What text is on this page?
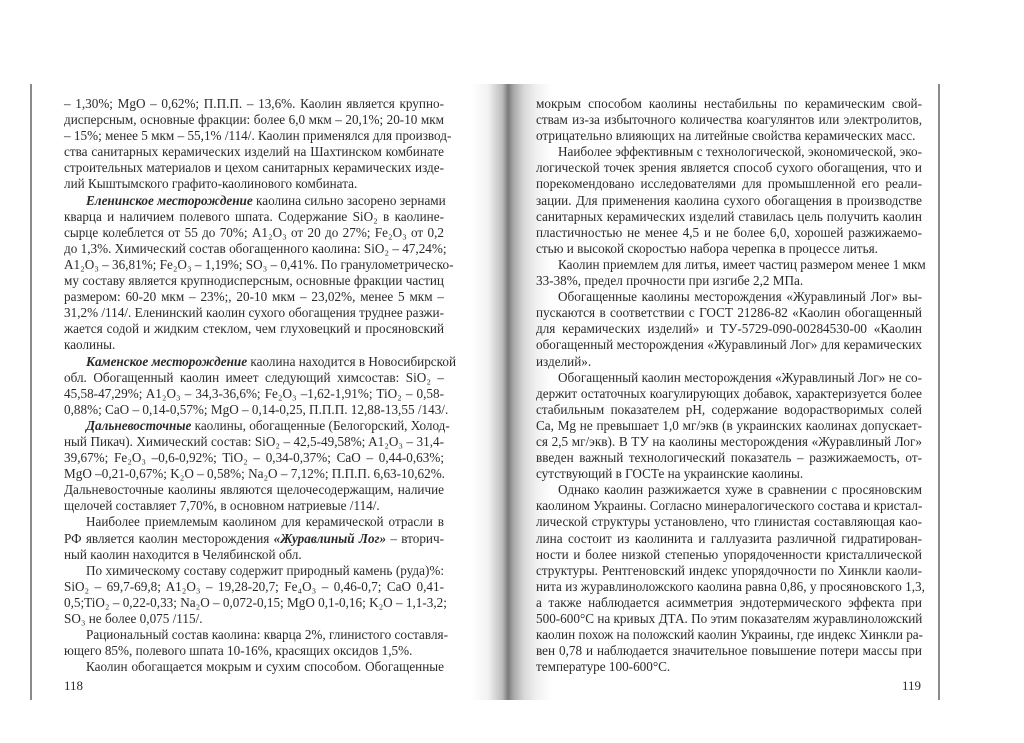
– 1,30%; MgO – 0,62%; П.П.П. – 13,6%. Каолин является крупно-
дисперсным, основные фракции: более 6,0 мкм – 20,1%; 20-10 мкм
– 15%; менее 5 мкм – 55,1% /114/. Каолин применялся для производ-
ства санитарных керамических изделий на Шахтинском комбинате
строительных материалов и цехом санитарных керамических изде-
лий Кыштымского графито-каолинового комбината.
Еленинское месторождение каолина сильно засорено зернами
кварца и наличием полевого шпата. Содержание SiO₂ в каолине-
сырце колеблется от 55 до 70%; A1₂O₃ от 20 до 27%; Fe₂O₃ от 0,2
до 1,3%. Химический состав обогащенного каолина: SiO₂ – 47,24%;
A1₂O₃ – 36,81%; Fe₂O₃ – 1,19%; SO₃ – 0,41%. По гранулометрическо-
му составу является крупнодисперсным, основные фракции частиц
размером: 60-20 мкм – 23%;, 20-10 мкм – 23,02%, менее 5 мкм –
31,2% /114/. Еленинский каолин сухого обогащения труднее разжи-
жается содой и жидким стеклом, чем глуховецкий и просяновский
каолины.
Каменское месторождение каолина находится в Новосибирской
обл. Обогащенный каолин имеет следующий химсостав: SiO₂ –
45,58-47,29%; A1₂O₃ – 34,3-36,6%; Fe₂O₃ –1,62-1,91%; TiO₂ – 0,58-
0,88%; CaO – 0,14-0,57%; MgO – 0,14-0,25, П.П.П. 12,88-13,55 /143/.
Дальневосточные каолины, обогащенные (Белогорский, Холод-
ный Пикач). Химический состав: SiO₂ – 42,5-49,58%; A1₂O₃ – 31,4-
39,67%; Fe₂O₃ –0,6-0,92%; TiO₂ – 0,34-0,37%; CaO – 0,44-0,63%;
MgO –0,21-0,67%; K₂O – 0,58%; Na₂O – 7,12%; П.П.П. 6,63-10,62%.
Дальневосточные каолины являются щелочесодержащим, наличие
щелочей составляет 7,70%, в основном натриевые /114/.
Наиболее приемлемым каолином для керамической отрасли в
РФ является каолин месторождения «Журавлиный Лог» – вторич-
ный каолин находится в Челябинской обл.
По химическому составу содержит природный камень (руда)%:
SiO₂ – 69,7-69,8; A1₂O₃ – 19,28-20,7; Fe₄O₃ – 0,46-0,7; CaO 0,41-
0,5;TiO₂ – 0,22-0,33; Na₂O – 0,072-0,15; MgO 0,1-0,16; K₂O – 1,1-3,2;
SO₃ не более 0,075 /115/.
Рациональный состав каолина: кварца 2%, глинистого составля-
ющего 85%, полевого шпата 10-16%, красящих оксидов 1,5%.
Каолин обогащается мокрым и сухим способом. Обогащенные
мокрым способом каолины нестабильны по керамическим свой-
ствам из-за избыточного количества коагулянтов или электролитов,
отрицательно влияющих на литейные свойства керамических масс.
Наиболее эффективным с технологической, экономической, эко-
логической точек зрения является способ сухого обогащения, что и
порекомендовано исследователями для промышленной его реали-
зации. Для применения каолина сухого обогащения в производстве
санитарных керамических изделий ставилась цель получить каолин
пластичностью не менее 4,5 и не более 6,0, хорошей разжижаемо-
стью и высокой скоростью набора черепка в процессе литья.
Каолин приемлем для литья, имеет частиц размером менее 1 мкм
33-38%, предел прочности при изгибе 2,2 МПа.
Обогащенные каолины месторождения «Журавлиный Лог» вы-
пускаются в соответствии с ГОСТ 21286-82 «Каолин обогащенный
для керамических изделий» и ТУ-5729-090-00284530-00 «Каолин
обогащенный месторождения «Журавлиный Лог» для керамических
изделий».
Обогащенный каолин месторождения «Журавлиный Лог» не со-
держит остаточных коагулирующих добавок, характеризуется более
стабильным показателем pH, содержание водорастворимых солей
Са, Mg не превышает 1,0 мг/экв (в украинских каолинах допускает-
ся 2,5 мг/экв). В ТУ на каолины месторождения «Журавлиный Лог»
введен важный технологический показатель – разжижаемость, от-
сутствующий в ГОСТе на украинские каолины.
Однако каолин разжижается хуже в сравнении с просяновским
каолином Украины. Согласно минералогического состава и кристал-
лической структуры установлено, что глинистая составляющая као-
лина состоит из каолинита и галлуазита различной гидратирован-
ности и более низкой степенью упорядоченности кристаллической
структуры. Рентгеновский индекс упорядочности по Хинкли каоли-
нита из журавлиноложского каолина равна 0,86, у просяновского 1,3,
а также наблюдается асимметрия эндотермического эффекта при
500-600°С на кривых ДТА. По этим показателям журавлиноложский
каолин похож на положский каолин Украины, где индекс Хинкли ра-
вен 0,78 и наблюдается значительное повышение потери массы при
температуре 100-600°С.
118	119
